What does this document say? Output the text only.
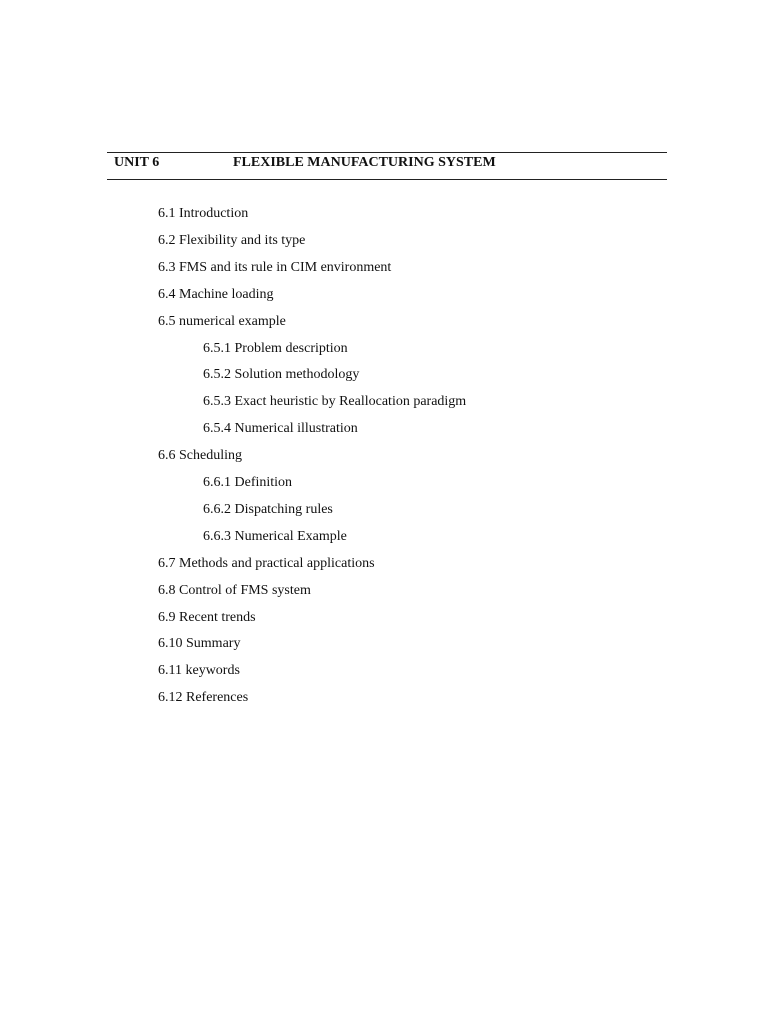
UNIT 6	FLEXIBLE MANUFACTURING SYSTEM
6.1 Introduction
6.2 Flexibility and its type
6.3 FMS and its rule in CIM environment
6.4 Machine loading
6.5 numerical example
6.5.1 Problem description
6.5.2 Solution methodology
6.5.3 Exact heuristic by Reallocation paradigm
6.5.4 Numerical illustration
6.6 Scheduling
6.6.1 Definition
6.6.2 Dispatching rules
6.6.3 Numerical Example
6.7 Methods and practical applications
6.8 Control of FMS system
6.9 Recent trends
6.10 Summary
6.11 keywords
6.12 References
